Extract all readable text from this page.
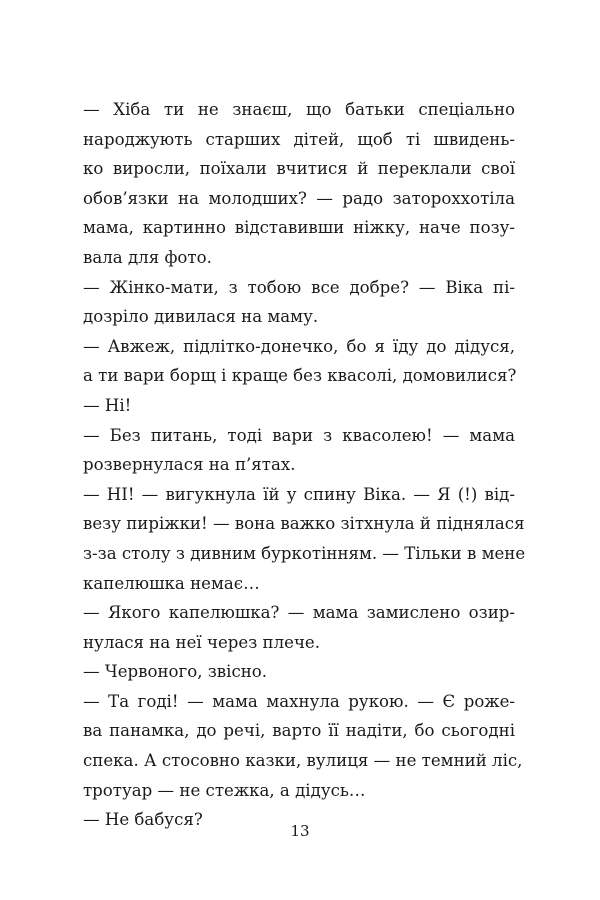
— Хіба ти не знаєш, що батьки спеціально
народжують старших дітей, щоб ті швидень-
ко виросли, поїхали вчитися й переклали свої
обов’язки на молодших? — радо затороххотіла
мама, картинно відставивши ніжку, наче позу-
вала для фото.

— Жінко-мати, з тобою все добре? — Віка пі-
дозріло дивилася на маму.

— Авжеж, підлітко-донечко, бо я їду до дідуся,
а ти вари борщ і краще без квасолі, домовилися?

— Ні!

— Без питань, тоді вари з квасолею! — мама
розвернулася на п’ятах.

— НІ! — вигукнула їй у спину Віка. — Я (!) від-
везу пиріжки! — вона важко зітхнула й піднялася
з-за столу з дивним буркотінням. — Тільки в мене
капелюшка немає…

— Якого капелюшка? — мама замислено озир-
нулася на неї через плече.

— Червоного, звісно.

— Та годі! — мама махнула рукою. — Є роже-
ва панамка, до речі, варто її надіти, бо сьогодні
спека. А стосовно казки, вулиця — не темний ліс,
тротуар — не стежка, а дідусь…

— Не бабуся?

13
